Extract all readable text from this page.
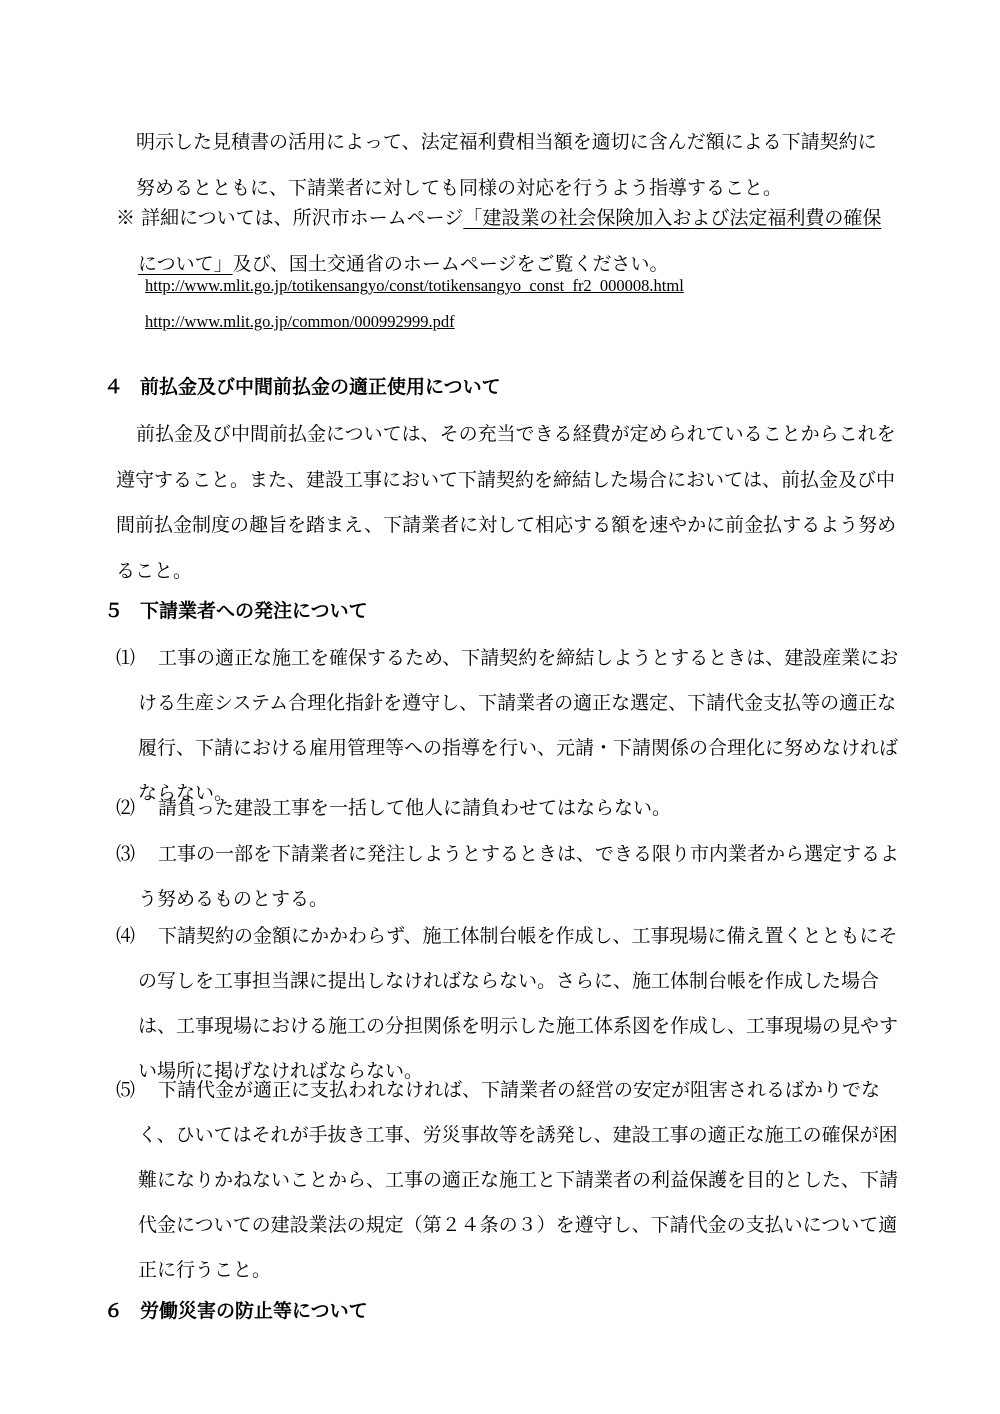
明示した見積書の活用によって、法定福利費相当額を適切に含んだ額による下請契約に
努めるとともに、下請業者に対しても同様の対応を行うよう指導すること。

※ 詳細については、所沢市ホームページ「建設業の社会保険加入および法定福利費の確保
について」及び、国土交通省のホームページをご覧ください。

http://www.mlit.go.jp/totikensangyo/const/totikensangyo_const_fr2_000008.html

http://www.mlit.go.jp/common/000992999.pdf

４ 前払金及び中間前払金の適正使用について

前払金及び中間前払金については、その充当できる経費が定められていることからこれを遵守すること。また、建設工事において下請契約を締結した場合においては、前払金及び中間前払金制度の趣旨を踏まえ、下請業者に対して相応する額を速やかに前金払するよう努めること。

５ 下請業者への発注について

⑴ 工事の適正な施工を確保するため、下請契約を締結しようとするときは、建設産業における生産システム合理化指針を遵守し、下請業者の適正な選定、下請代金支払等の適正な履行、下請における雇用管理等への指導を行い、元請・下請関係の合理化に努めなければならない。

⑵ 請負った建設工事を一括して他人に請負わせてはならない。

⑶ 工事の一部を下請業者に発注しようとするときは、できる限り市内業者から選定するよう努めるものとする。

⑷ 下請契約の金額にかかわらず、施工体制台帳を作成し、工事現場に備え置くとともにその写しを工事担当課に提出しなければならない。さらに、施工体制台帳を作成した場合は、工事現場における施工の分担関係を明示した施工体系図を作成し、工事現場の見やすい場所に掲げなければならない。

⑸ 下請代金が適正に支払われなければ、下請業者の経営の安定が阻害されるばかりでなく、ひいてはそれが手抜き工事、労災事故等を誘発し、建設工事の適正な施工の確保が困難になりかねないことから、工事の適正な施工と下請業者の利益保護を目的とした、下請代金についての建設業法の規定（第２４条の３）を遵守し、下請代金の支払いについて適正に行うこと。

６ 労働災害の防止等について
